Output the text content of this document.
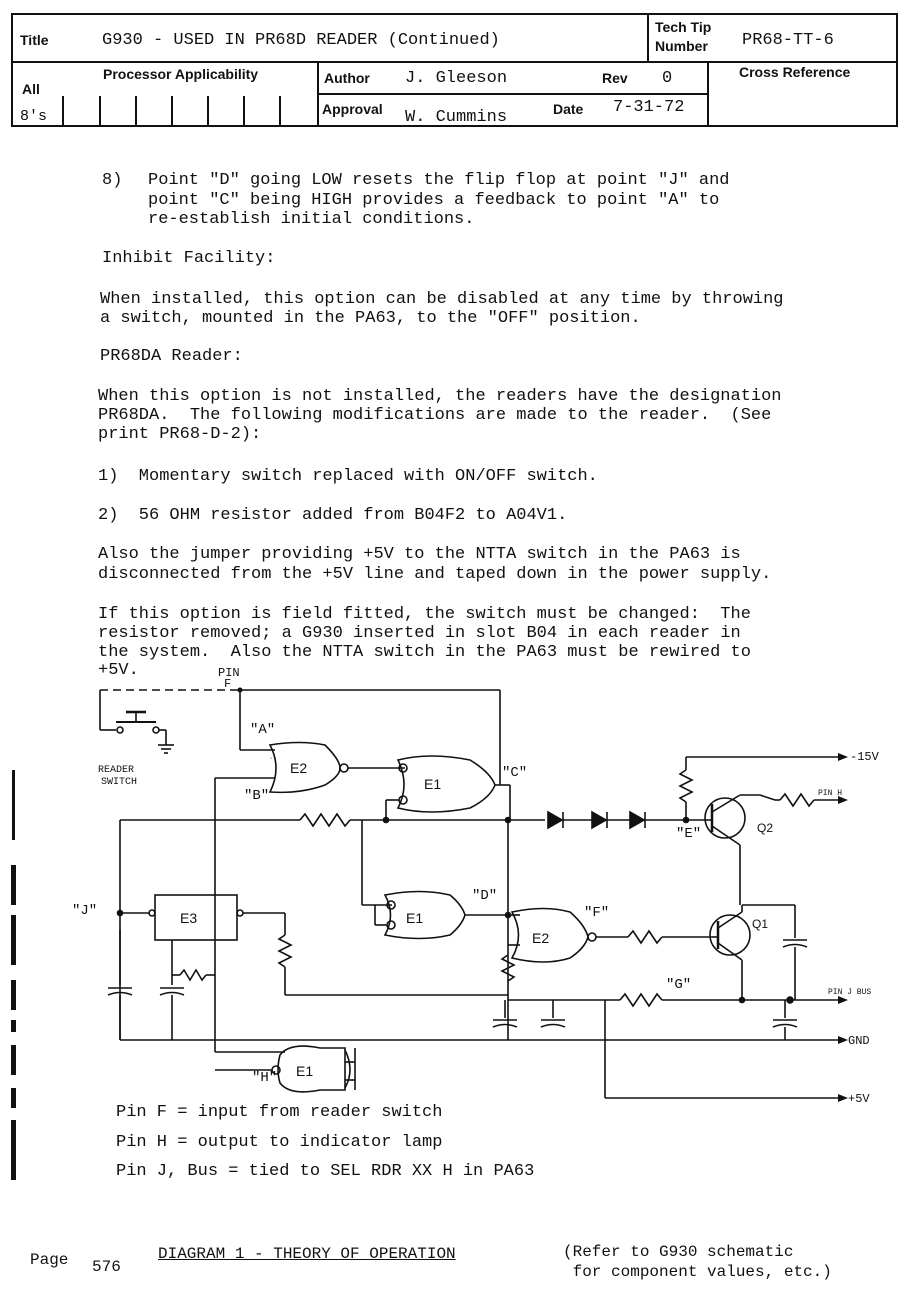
Title	G930 - USED IN PR68D READER (Continued)
Tech Tip
Number PR68-TT-6
Processor Applicability
All
8's
Author J. Gleeson	Rev 0	Cross Reference
Approval W. Cummins	Date 7-31-72
8) Point "D" going LOW resets the flip flop at point "J" and
point "C" being HIGH provides a feedback to point "A" to
re-establish initial conditions.
Inhibit Facility:
When installed, this option can be disabled at any time by throwing
a switch, mounted in the PA63, to the "OFF" position.
PR68DA Reader:
When this option is not installed, the readers have the designation
PR68DA.  The following modifications are made to the reader.  (See
print PR68-D-2):
1)  Momentary switch replaced with ON/OFF switch.
2)  56 OHM resistor added from B04F2 to A04V1.
Also the jumper providing +5V to the NTTA switch in the PA63 is
disconnected from the +5V line and taped down in the power supply.
If this option is field fitted, the switch must be changed:  The
resistor removed; a G930 inserted in slot B04 in each reader in
the system.  Also the NTTA switch in the PA63 must be rewired to
+5V.	PIN
F
READER
SWITCH
"A"
"B"
E2
E1
"C"
"J"	E3	E1
"D"
E2
"F"
"E"
"G"
"H" E1
Q2
Q1
-15V
PIN H
PIN J BUS
GND
+5V
Pin F = input from reader switch
Pin H = output to indicator lamp
Pin J, Bus = tied to SEL RDR XX H in PA63
Page 576
DIAGRAM 1 - THEORY OF OPERATION	(Refer to G930 schematic
for component values, etc.)
